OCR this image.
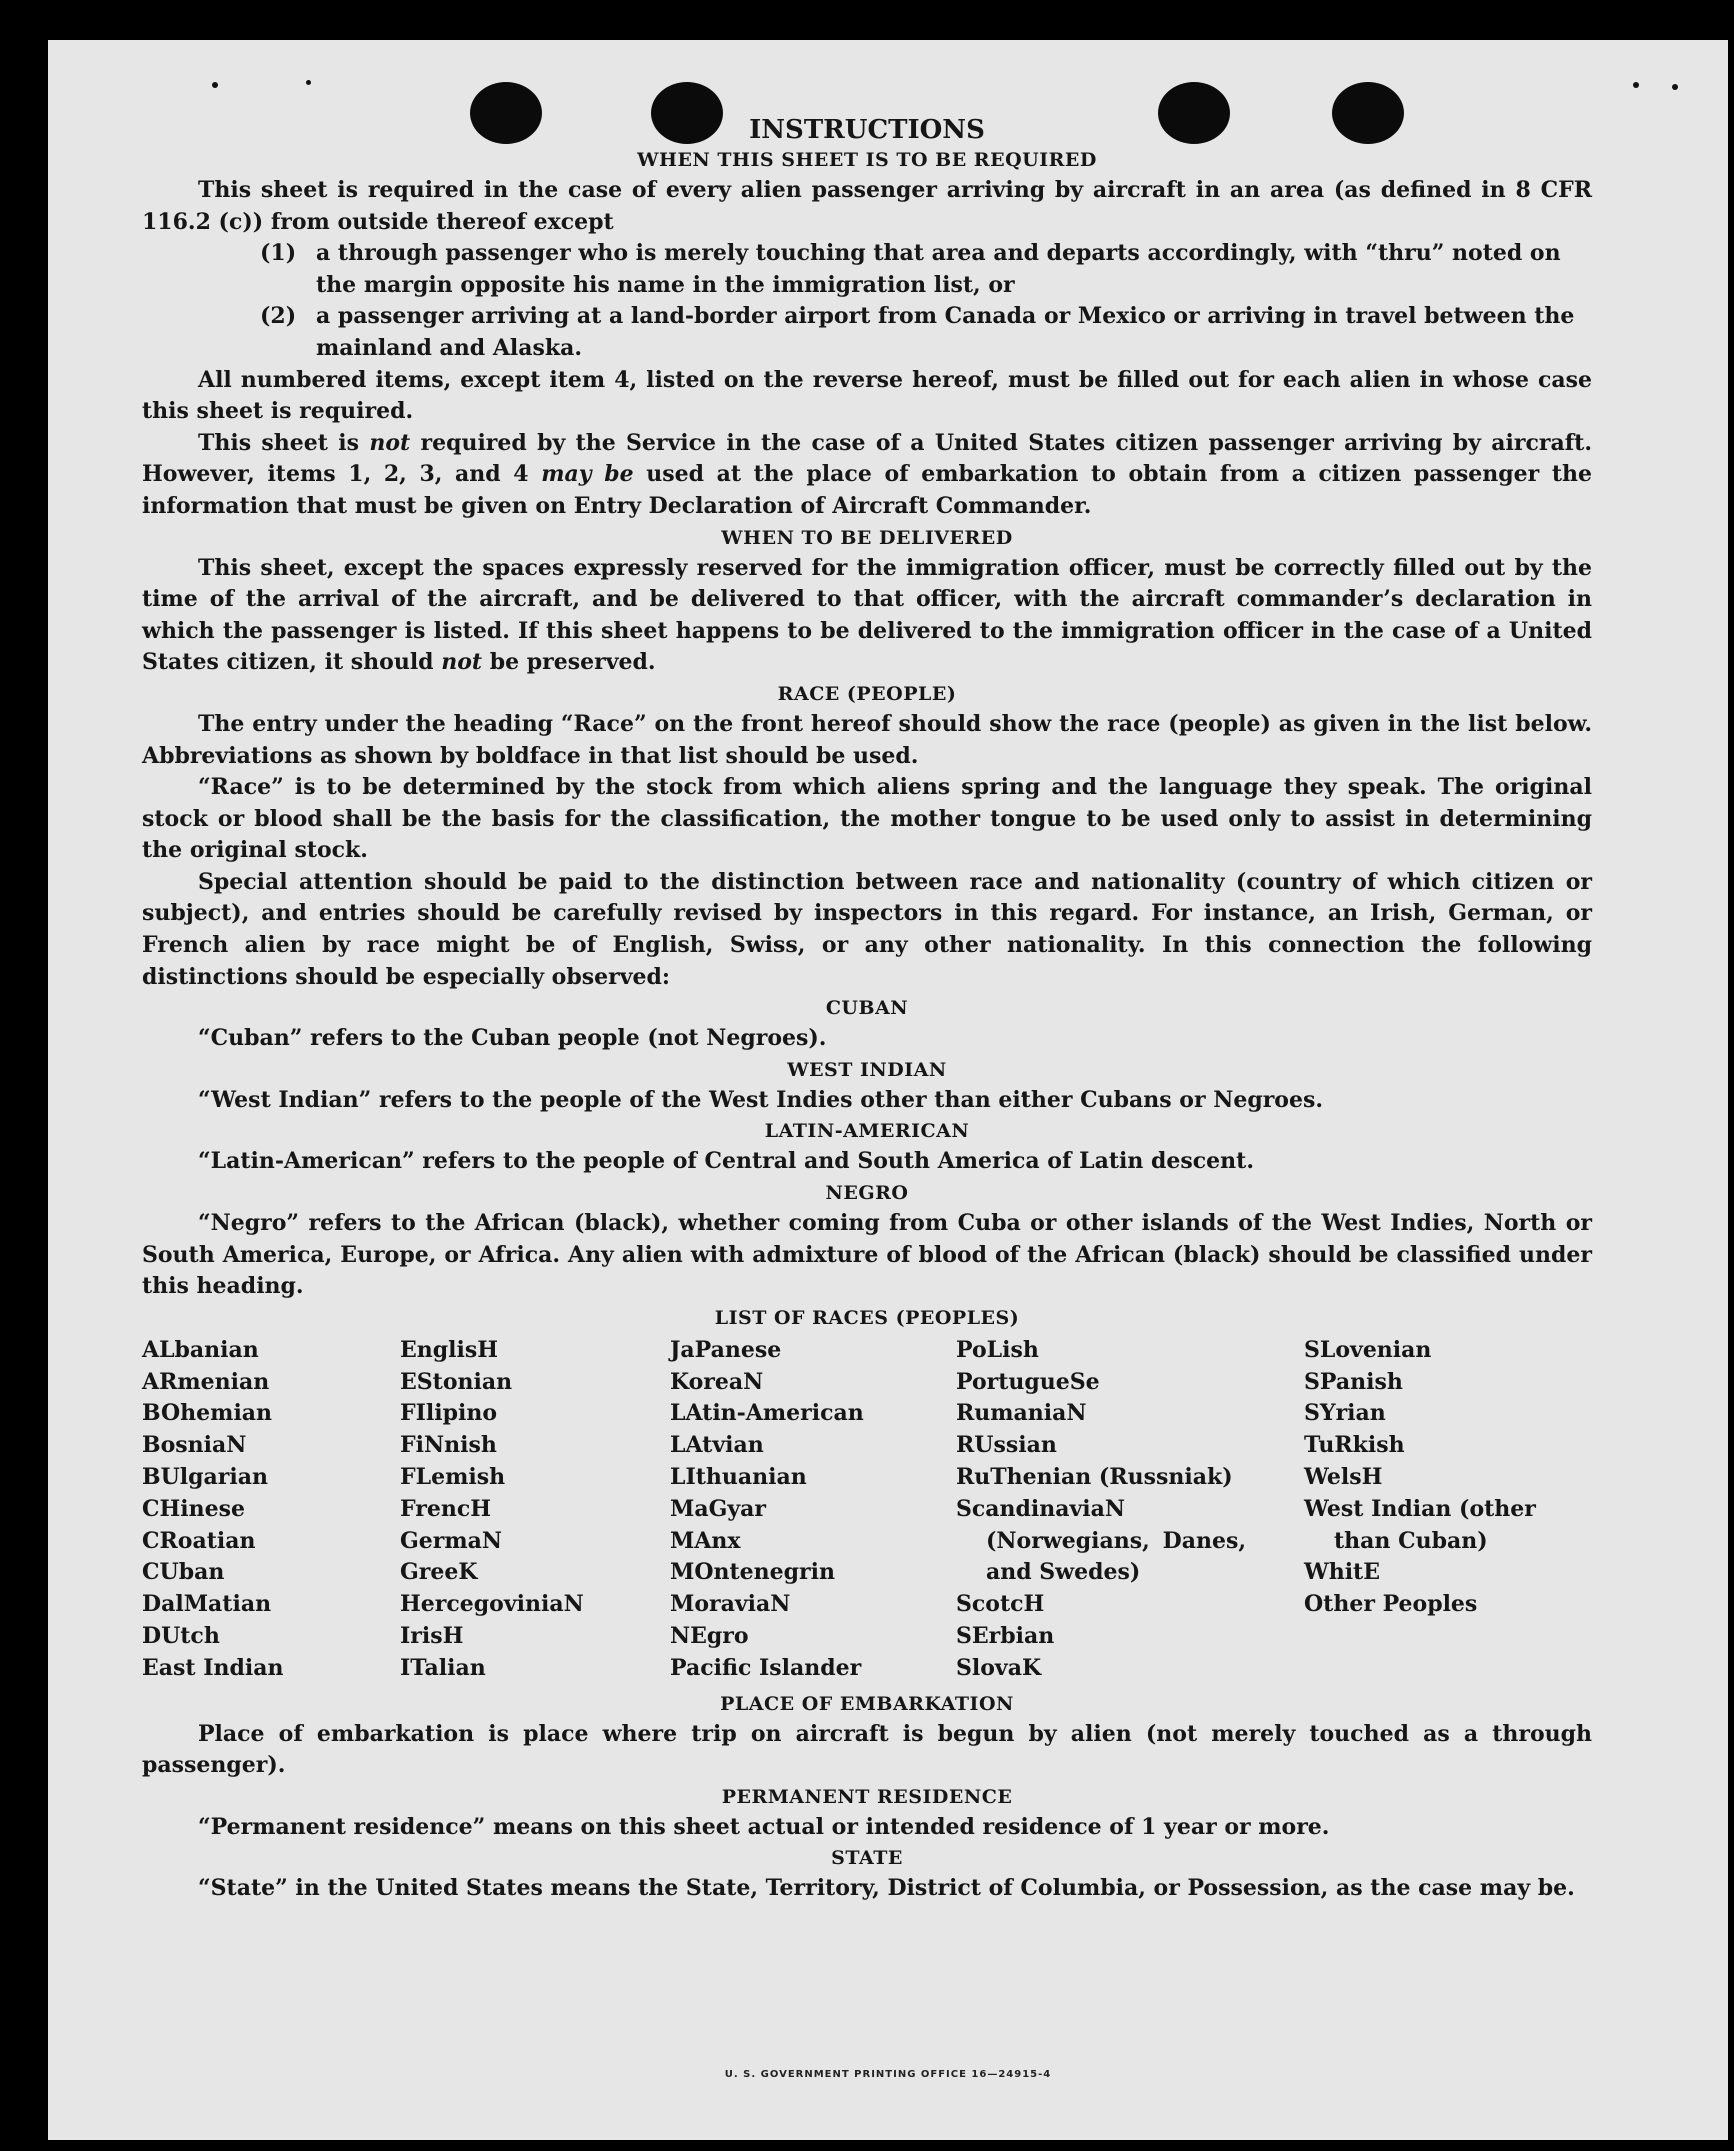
U. S. GOVERNMENT PRINTING OFFICE 16—24915-4
INSTRUCTIONS
WHEN THIS SHEET IS TO BE REQUIRED

This sheet is required in the case of every alien passenger arriving by aircraft in an area (as defined in 8 CFR 116.2 (c)) from outside thereof except

(1) a through passenger who is merely touching that area and departs accordingly, with “thru” noted on the margin opposite his name in the immigration list, or
(2) a passenger arriving at a land-border airport from Canada or Mexico or arriving in travel between the mainland and Alaska.

All numbered items, except item 4, listed on the reverse hereof, must be filled out for each alien in whose case this sheet is required.

This sheet is not required by the Service in the case of a United States citizen passenger arriving by aircraft. However, items 1, 2, 3, and 4 may be used at the place of embarkation to obtain from a citizen passenger the information that must be given on Entry Declaration of Aircraft Commander.

WHEN TO BE DELIVERED

This sheet, except the spaces expressly reserved for the immigration officer, must be correctly filled out by the time of the arrival of the aircraft, and be delivered to that officer, with the aircraft commander’s declaration in which the passenger is listed. If this sheet happens to be delivered to the immigration officer in the case of a United States citizen, it should not be preserved.

RACE (PEOPLE)

The entry under the heading “Race” on the front hereof should show the race (people) as given in the list below. Abbreviations as shown by boldface in that list should be used.

“Race” is to be determined by the stock from which aliens spring and the language they speak. The original stock or blood shall be the basis for the classification, the mother tongue to be used only to assist in determining the original stock.

Special attention should be paid to the distinction between race and nationality (country of which citizen or subject), and entries should be carefully revised by inspectors in this regard. For instance, an Irish, German, or French alien by race might be of English, Swiss, or any other nationality. In this connection the following distinctions should be especially observed:

CUBAN

“Cuban” refers to the Cuban people (not Negroes).

WEST INDIAN

“West Indian” refers to the people of the West Indies other than either Cubans or Negroes.

LATIN-AMERICAN

“Latin-American” refers to the people of Central and South America of Latin descent.

NEGRO

“Negro” refers to the African (black), whether coming from Cuba or other islands of the West Indies, North or South America, Europe, or Africa. Any alien with admixture of blood of the African (black) should be classified under this heading.

LIST OF RACES (PEOPLES)
ALbanian
ARmenian
BOhemian
BosniaN
BUlgarian
CHinese
CRoatian
CUban
DalMatian
DUtch
East Indian
EnglisH
EStonian
FIlipino
FiNnish
FLemish
FrencH
GermaN
GreeK
HercegoviniaN
IrisH
ITalian
JaPanese
KoreaN
LAtin-American
LAtvian
LIthuanian
MaGyar
MAnx
MOntenegrin
MoraviaN
NEgro
Pacific Islander
PoLish
PortugueSe
RumaniaN
RUssian
RuThenian (Russniak)
ScandinaviaN (Norwegians, Danes, and Swedes)
ScotcH
SErbian
SlovaK
SLovenian
SPanish
SYrian
TuRkish
WelsH
West Indian (other than Cuban)
WhitE
Other Peoples
PLACE OF EMBARKATION

Place of embarkation is place where trip on aircraft is begun by alien (not merely touched as a through passenger).

PERMANENT RESIDENCE

“Permanent residence” means on this sheet actual or intended residence of 1 year or more.

STATE

“State” in the United States means the State, Territory, District of Columbia, or Possession, as the case may be.
